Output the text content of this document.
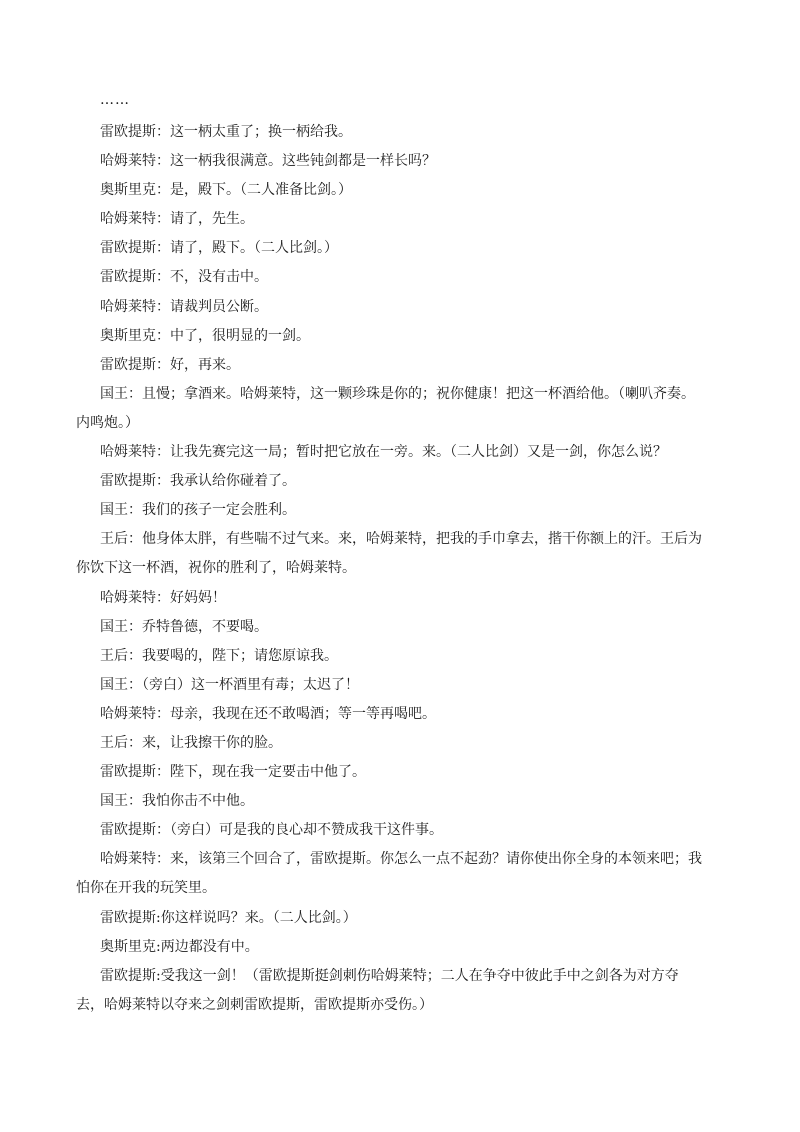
……

雷欧提斯：这一柄太重了；换一柄给我。

哈姆莱特：这一柄我很满意。这些钝剑都是一样长吗？

奥斯里克：是，殿下。（二人准备比剑。）

哈姆莱特：请了，先生。

雷欧提斯：请了，殿下。（二人比剑。）

雷欧提斯：不，没有击中。

哈姆莱特：请裁判员公断。

奥斯里克：中了，很明显的一剑。

雷欧提斯：好，再来。

国王：且慢；拿酒来。哈姆莱特，这一颗珍珠是你的；祝你健康！把这一杯酒给他。（喇叭齐奏。内鸣炮。）

哈姆莱特：让我先赛完这一局；暂时把它放在一旁。来。（二人比剑）又是一剑，你怎么说？

雷欧提斯：我承认给你碰着了。

国王：我们的孩子一定会胜利。

王后：他身体太胖，有些喘不过气来。来，哈姆莱特，把我的手巾拿去，揩干你额上的汗。王后为你饮下这一杯酒，祝你的胜利了，哈姆莱特。

哈姆莱特：好妈妈！

国王：乔特鲁德，不要喝。

王后：我要喝的，陛下；请您原谅我。

国王：（旁白）这一杯酒里有毒；太迟了！

哈姆莱特：母亲，我现在还不敢喝酒；等一等再喝吧。

王后：来，让我擦干你的脸。

雷欧提斯：陛下，现在我一定要击中他了。

国王：我怕你击不中他。

雷欧提斯：（旁白）可是我的良心却不赞成我干这件事。

哈姆莱特：来，该第三个回合了，雷欧提斯。你怎么一点不起劲？请你使出你全身的本领来吧；我怕你在开我的玩笑里。

雷欧提斯:你这样说吗？来。（二人比剑。）

奥斯里克:两边都没有中。

雷欧提斯:受我这一剑！（雷欧提斯挺剑刺伤哈姆莱特；二人在争夺中彼此手中之剑各为对方夺去，哈姆莱特以夺来之剑刺雷欧提斯，雷欧提斯亦受伤。）
